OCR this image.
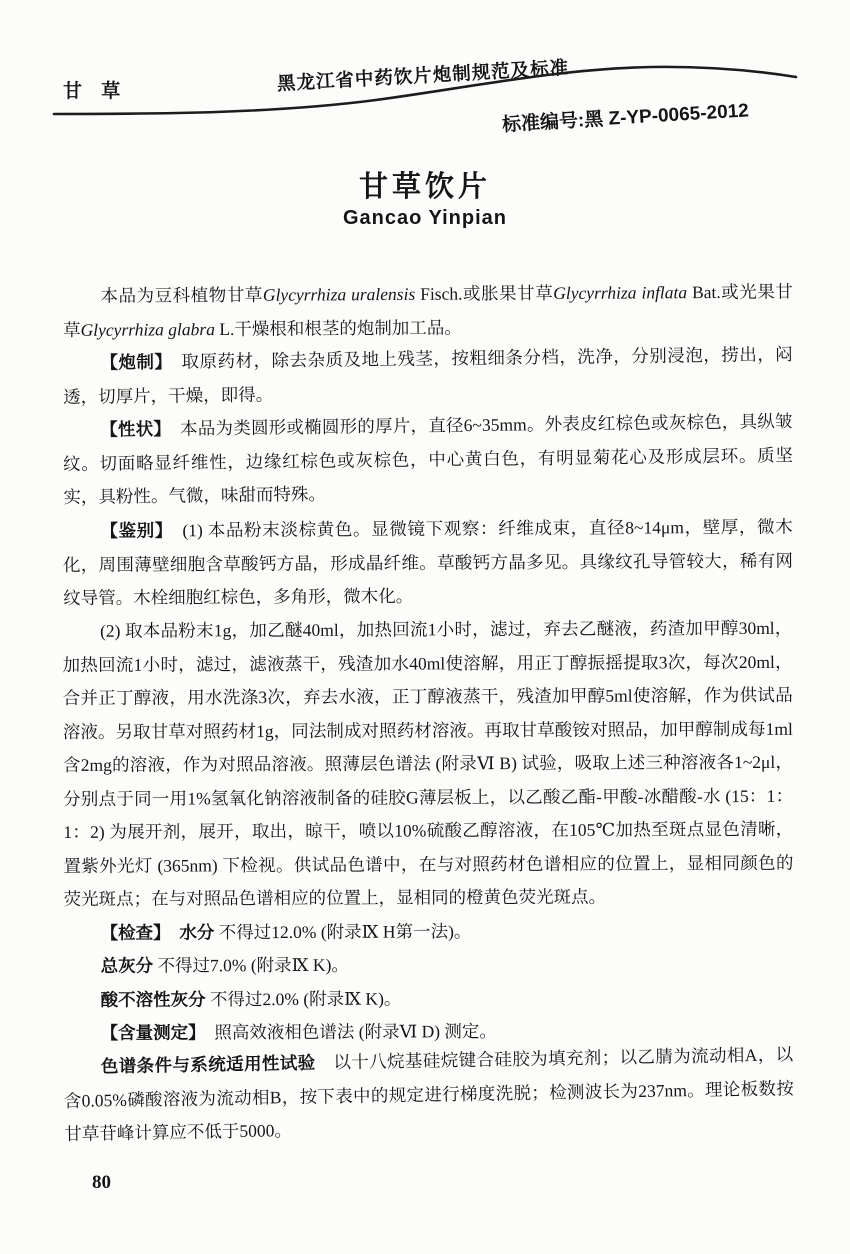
甘 草	黑龙江省中药饮片炮制规范及标准
标准编号:黑 Z-YP-0065-2012
甘草饮片
Gancao Yinpian

本品为豆科植物甘草Glycyrrhiza uralensis Fisch.或胀果甘草Glycyrrhiza inflata Bat.或光果甘草Glycyrrhiza glabra L.干燥根和根茎的炮制加工品。

【炮制】　取原药材，除去杂质及地上残茎，按粗细条分档，洗净，分别浸泡，捞出，闷透，切厚片，干燥，即得。

【性状】　本品为类圆形或椭圆形的厚片，直径6~35mm。外表皮红棕色或灰棕色，具纵皱纹。切面略显纤维性，边缘红棕色或灰棕色，中心黄白色，有明显菊花心及形成层环。质坚实，具粉性。气微，味甜而特殊。

【鉴别】　(1) 本品粉末淡棕黄色。显微镜下观察：纤维成束，直径8~14μm，壁厚，微木化，周围薄壁细胞含草酸钙方晶，形成晶纤维。草酸钙方晶多见。具缘纹孔导管较大，稀有网纹导管。木栓细胞红棕色，多角形，微木化。

(2) 取本品粉末1g，加乙醚40ml，加热回流1小时，滤过，弃去乙醚液，药渣加甲醇30ml，加热回流1小时，滤过，滤液蒸干，残渣加水40ml使溶解，用正丁醇振摇提取3次，每次20ml，合并正丁醇液，用水洗涤3次，弃去水液，正丁醇液蒸干，残渣加甲醇5ml使溶解，作为供试品溶液。另取甘草对照药材1g，同法制成对照药材溶液。再取甘草酸铵对照品，加甲醇制成每1ml含2mg的溶液，作为对照品溶液。照薄层色谱法 (附录Ⅵ B) 试验，吸取上述三种溶液各1~2μl，分别点于同一用1%氢氧化钠溶液制备的硅胶G薄层板上，以乙酸乙酯-甲酸-冰醋酸-水 (15：1：1：2) 为展开剂，展开，取出，晾干，喷以10%硫酸乙醇溶液，在105℃加热至斑点显色清晰，置紫外光灯 (365nm) 下检视。供试品色谱中，在与对照药材色谱相应的位置上，显相同颜色的荧光斑点；在与对照品色谱相应的位置上，显相同的橙黄色荧光斑点。

【检查】　水分 不得过12.0% (附录Ⅸ H第一法)。

总灰分 不得过7.0% (附录Ⅸ K)。

酸不溶性灰分 不得过2.0% (附录Ⅸ K)。

【含量测定】　照高效液相色谱法 (附录Ⅵ D) 测定。

色谱条件与系统适用性试验　以十八烷基硅烷键合硅胶为填充剂；以乙腈为流动相A，以含0.05%磷酸溶液为流动相B，按下表中的规定进行梯度洗脱；检测波长为237nm。理论板数按甘草苷峰计算应不低于5000。

80
